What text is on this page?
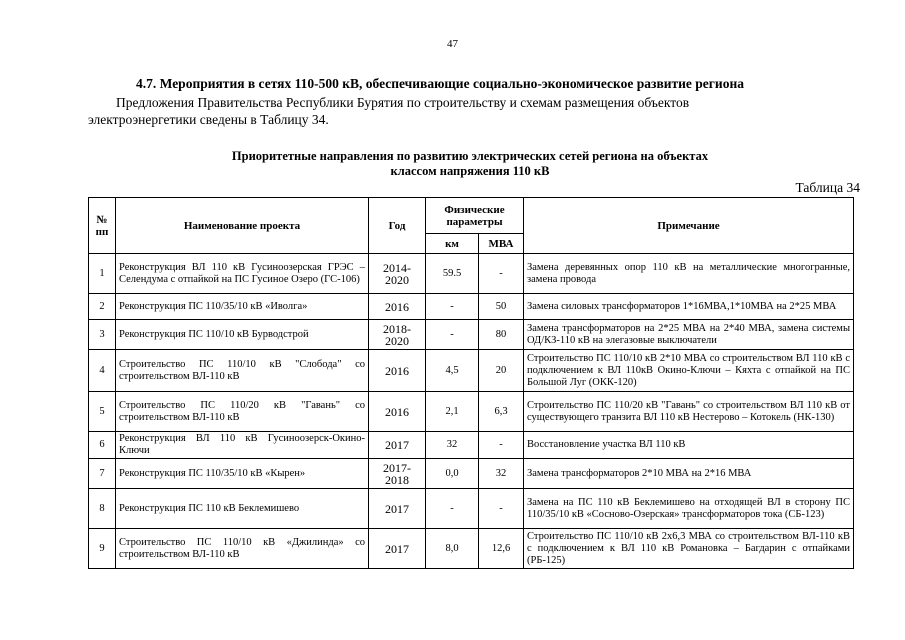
47
4.7. Мероприятия в сетях 110-500 кВ, обеспечивающие социально-экономическое развитие региона
Предложения Правительства Республики Бурятия по строительству и схемам размещения объектов
электроэнергетики сведены в Таблицу 34.
Приоритетные направления по развитию электрических сетей региона на объектах
классом напряжения 110 кВ
Таблица 34
№
пп	Наименование проекта	Год	Физические
параметры		Примечание
			км	МВА	
1	Реконструкция ВЛ 110 кВ Гусиноозерская ГРЭС – Селендума с отпайкой на ПС Гусиное Озеро (ГС-106)	2014-2020	59.5	-	Замена деревянных опор 110 кВ на металлические многогранные, замена провода
2	Реконструкция ПС 110/35/10 кВ «Иволга»	2016	-	50	Замена силовых трансформаторов 1*16МВА,1*10МВА на 2*25 МВА
3	Реконструкция ПС 110/10 кВ Бурводстрой	2018-2020	-	80	Замена трансформаторов на 2*25 МВА на 2*40 МВА, замена системы ОД/КЗ-110 кВ на элегазовые выключатели
4	Строительство ПС 110/10 кВ "Слобода" со строительством ВЛ-110 кВ	2016	4,5	20	Строительство ПС 110/10 кВ 2*10 МВА со строительством ВЛ 110 кВ с подключением к ВЛ 110кВ Окино-Ключи – Кяхта с отпайкой на ПС Большой Луг (ОКК-120)
5	Строительство ПС 110/20 кВ "Гавань" со строительством ВЛ-110 кВ	2016	2,1	6,3	Строительство ПС 110/20 кВ "Гавань" со строительством ВЛ 110 кВ от существующего транзита ВЛ 110 кВ Нестерово – Котокель (НК-130)
6	Реконструкция ВЛ 110 кВ Гусиноозерск-Окино-Ключи	2017	32	-	Восстановление участка ВЛ 110 кВ
7	Реконструкция ПС 110/35/10 кВ «Кырен»	2017-2018	0,0	32	Замена трансформаторов 2*10 МВА на 2*16 МВА
8	Реконструкция ПС 110 кВ Беклемишево	2017	-	-	Замена на ПС 110 кВ Беклемишево на отходящей ВЛ в сторону ПС 110/35/10 кВ «Сосново-Озерская» трансформаторов тока (СБ-123)
9	Строительство ПС 110/10 кВ «Джилинда» со строительством ВЛ-110 кВ	2017	8,0	12,6	Строительство ПС 110/10 кВ 2х6,3 МВА со строительством ВЛ-110 кВ с подключением к ВЛ 110 кВ Романовка – Багдарин с отпайками (РБ-125)
